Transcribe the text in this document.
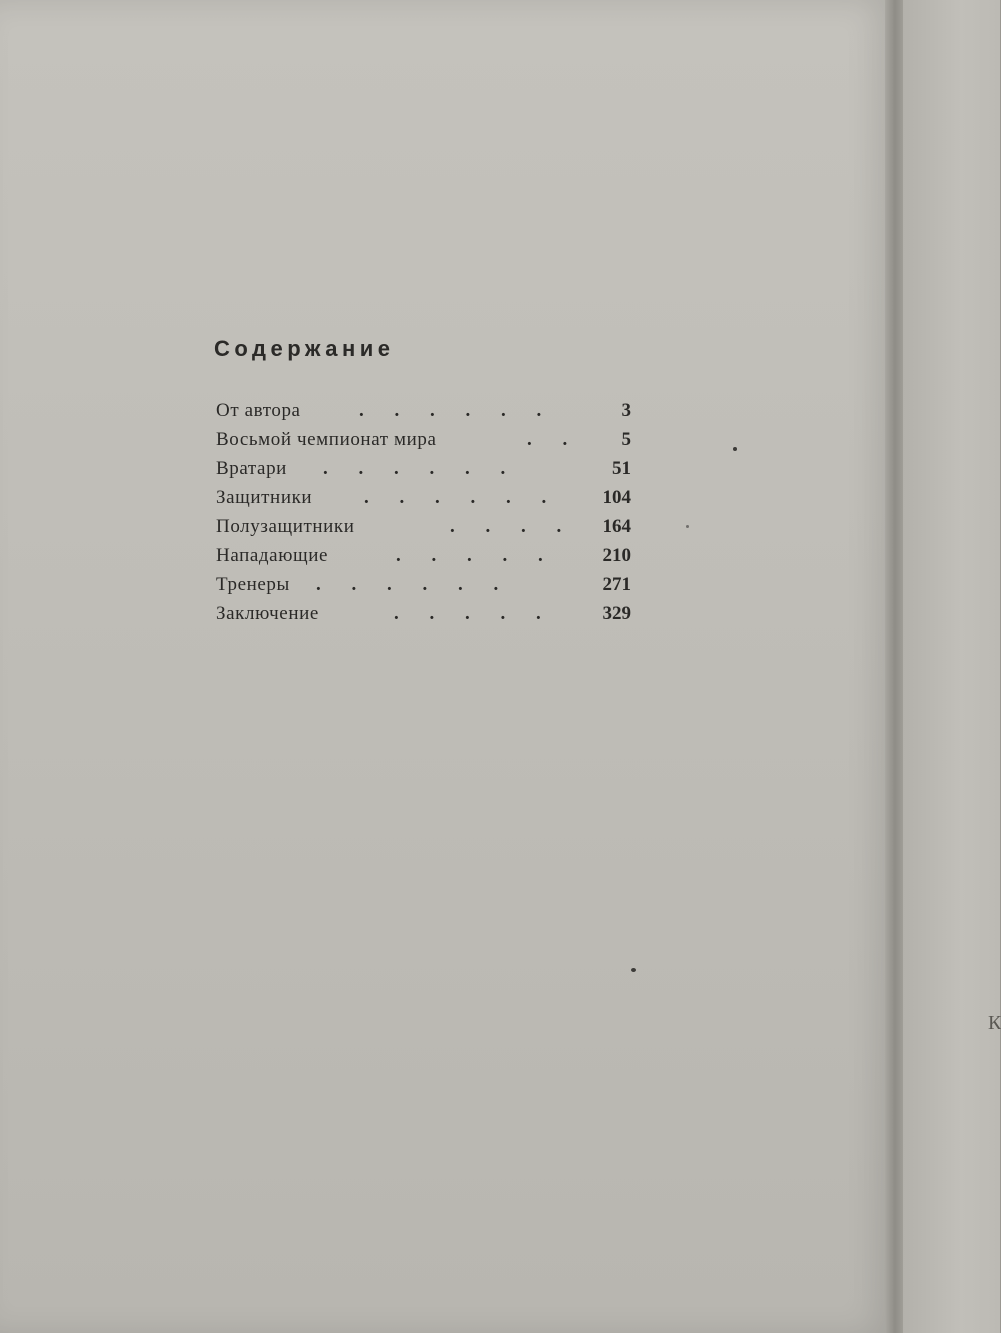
К
Содержание
От автора	. . . . . .	3
Восьмой чемпионат мира	. . 5
Вратари . . . . . .	51
Защитники	. . . . . . 104
Полузащитники	. . . . 164
Нападающие	. . . . . 210
Тренеры . . . . . .	271
Заключение	. . . . .	329
